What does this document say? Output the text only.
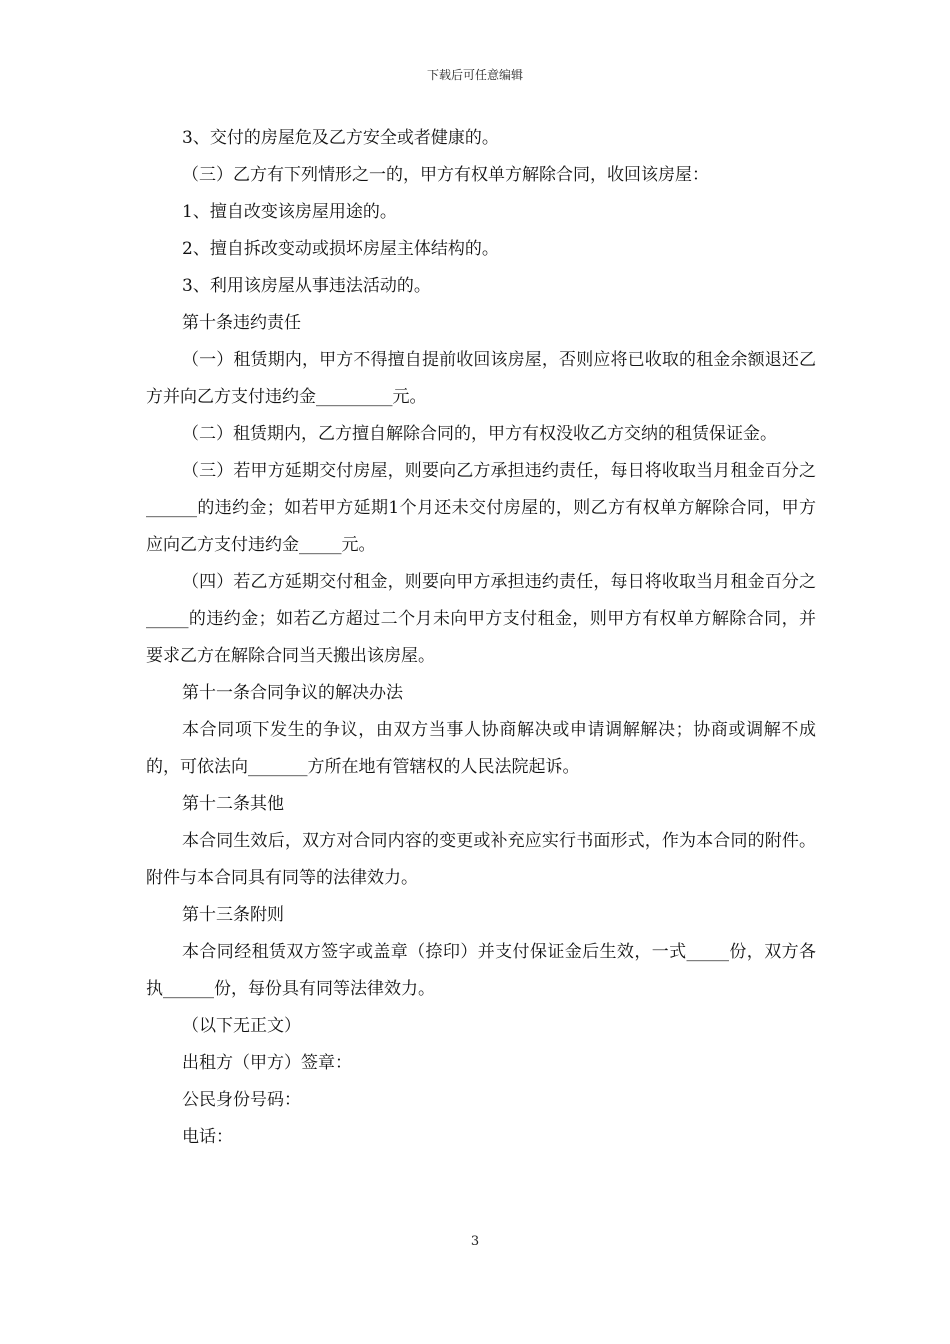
下载后可任意编辑

3、交付的房屋危及乙方安全或者健康的。

（三）乙方有下列情形之一的，甲方有权单方解除合同，收回该房屋：

1、擅自改变该房屋用途的。

2、擅自拆改变动或损坏房屋主体结构的。

3、利用该房屋从事违法活动的。

第十条违约责任

（一）租赁期内，甲方不得擅自提前收回该房屋，否则应将已收取的租金余额退还乙方并向乙方支付违约金_________元。

（二）租赁期内，乙方擅自解除合同的，甲方有权没收乙方交纳的租赁保证金。

（三）若甲方延期交付房屋，则要向乙方承担违约责任，每日将收取当月租金百分之______的违约金；如若甲方延期1个月还未交付房屋的，则乙方有权单方解除合同，甲方应向乙方支付违约金_____元。

（四）若乙方延期交付租金，则要向甲方承担违约责任，每日将收取当月租金百分之_____的违约金；如若乙方超过二个月未向甲方支付租金，则甲方有权单方解除合同，并要求乙方在解除合同当天搬出该房屋。

第十一条合同争议的解决办法

本合同项下发生的争议，由双方当事人协商解决或申请调解解决；协商或调解不成的，可依法向_______方所在地有管辖权的人民法院起诉。

第十二条其他

本合同生效后，双方对合同内容的变更或补充应实行书面形式，作为本合同的附件。附件与本合同具有同等的法律效力。

第十三条附则

本合同经租赁双方签字或盖章（捺印）并支付保证金后生效，一式_____份，双方各执______份，每份具有同等法律效力。

（以下无正文）

出租方（甲方）签章：

公民身份号码：

电话：

3
